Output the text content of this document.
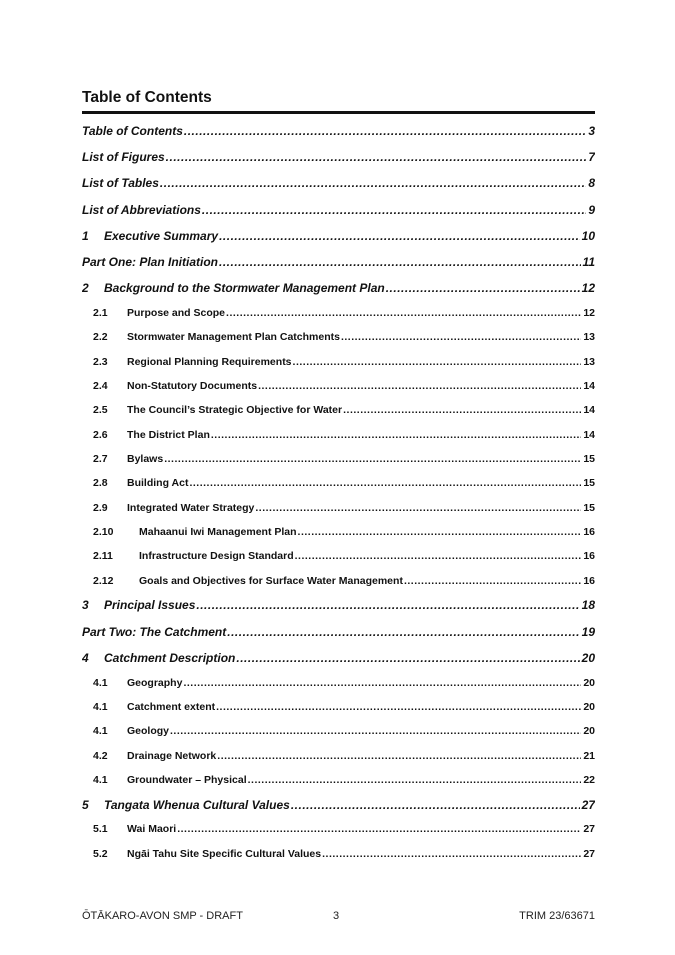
Table of Contents
Table of Contents .....	3
List of Figures .....	7
List of Tables .....	8
List of Abbreviations .....	9
1	Executive Summary .....	10
Part One: Plan Initiation .....	11
2	Background to the Stormwater Management Plan .....	12
2.1	Purpose and Scope .....	12
2.2	Stormwater Management Plan Catchments .....	13
2.3	Regional Planning Requirements .....	13
2.4	Non-Statutory Documents .....	14
2.5	The Council’s Strategic Objective for Water .....	14
2.6	The District Plan .....	14
2.7	Bylaws .....	15
2.8	Building Act .....	15
2.9	Integrated Water Strategy .....	15
2.10	Mahaanui Iwi Management Plan .....	16
2.11	Infrastructure Design Standard .....	16
2.12	Goals and Objectives for Surface Water Management .....	16
3	Principal Issues .....	18
Part Two: The Catchment .....	19
4	Catchment Description .....	20
4.1	Geography .....	20
4.1	Catchment extent .....	20
4.1	Geology .....	20
4.2	Drainage Network .....	21
4.1	Groundwater – Physical .....	22
5	Tangata Whenua Cultural Values .....	27
5.1	Wai Maori .....	27
5.2	Ngāi Tahu Site Specific Cultural Values .....	27
ŌTĀKARO-AVON SMP - DRAFT	3	TRIM 23/63671
